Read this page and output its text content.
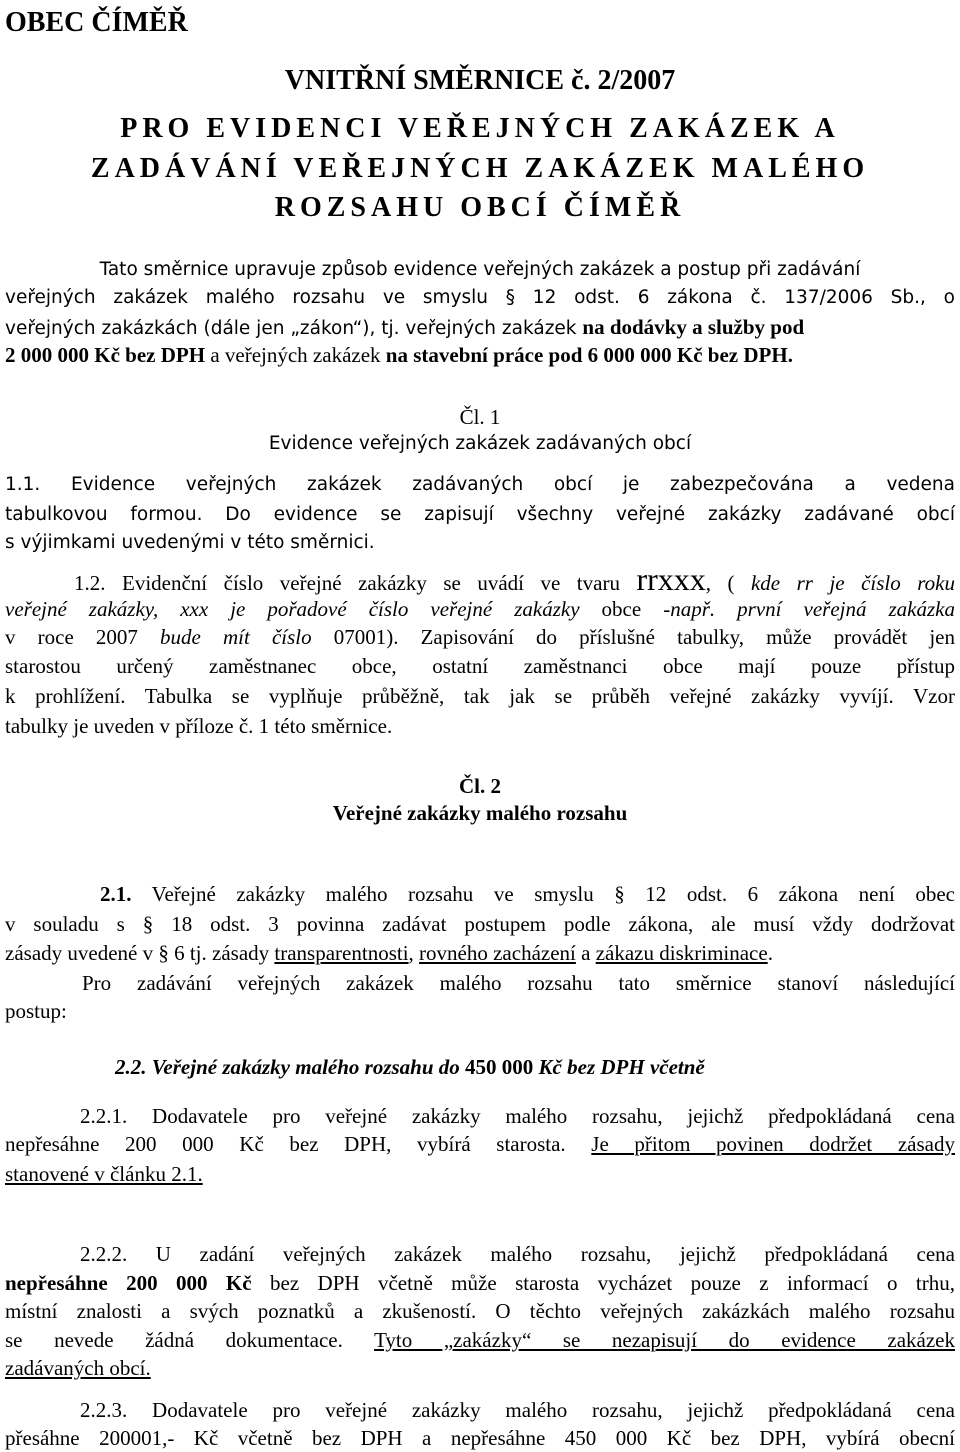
OBEC ČÍMĚŘ
VNITŘNÍ SMĚRNICE č. 2/2007
PRO EVIDENCI VEŘEJNÝCH ZAKÁZEK A
ZADÁVÁNÍ VEŘEJNÝCH ZAKÁZEK MALÉHO
ROZSAHU OBCÍ ČÍMĚŘ
Tato směrnice upravuje způsob evidence veřejných zakázek a postup při zadávání
veřejných zakázek malého rozsahu ve smyslu § 12 odst. 6 zákona č. 137/2006 Sb., o
veřejných zakázkách (dále jen „zákon“), tj. veřejných zakázek na dodávky a služby pod
2 000 000 Kč bez DPH a veřejných zakázek na stavební práce pod 6 000 000 Kč bez DPH.
Čl. 1
Evidence veřejných zakázek zadávaných obcí
1.1. Evidence veřejných zakázek zadávaných obcí je zabezpečována a vedena
tabulkovou formou. Do evidence se zapisují všechny veřejné zakázky zadávané obcí
s výjimkami uvedenými v této směrnici.
1.2. Evidenční číslo veřejné zakázky se uvádí ve tvaru rrxxx, ( kde rr je číslo roku
veřejné zakázky, xxx je pořadové číslo veřejné zakázky obce -např. první veřejná zakázka
v roce 2007 bude mít číslo 07001). Zapisování do příslušné tabulky, může provádět jen
starostou určený zaměstnanec obce, ostatní zaměstnanci obce mají pouze přístup
k prohlížení. Tabulka se vyplňuje průběžně, tak jak se průběh veřejné zakázky vyvíjí. Vzor
tabulky je uveden v příloze č. 1 této směrnice.
Čl. 2
Veřejné zakázky malého rozsahu
2.1. Veřejné zakázky malého rozsahu ve smyslu § 12 odst. 6 zákona není obec
v souladu s § 18 odst. 3 povinna zadávat postupem podle zákona, ale musí vždy dodržovat
zásady uvedené v § 6 tj. zásady transparentnosti, rovného zacházení a zákazu diskriminace.
Pro zadávání veřejných zakázek malého rozsahu tato směrnice stanoví následující
postup:
2.2. Veřejné zakázky malého rozsahu do 450 000 Kč bez DPH včetně
2.2.1. Dodavatele pro veřejné zakázky malého rozsahu, jejichž předpokládaná cena
nepřesáhne 200 000 Kč bez DPH, vybírá starosta. Je přitom povinen dodržet zásady
stanovené v článku 2.1.
2.2.2. U zadání veřejných zakázek malého rozsahu, jejichž předpokládaná cena
nepřesáhne 200 000 Kč bez DPH včetně může starosta vycházet pouze z informací o trhu,
místní znalosti a svých poznatků a zkušeností. O těchto veřejných zakázkách malého rozsahu
se nevede žádná dokumentace. Tyto „zakázky“ se nezapisují do evidence zakázek
zadávaných obcí.
2.2.3. Dodavatele pro veřejné zakázky malého rozsahu, jejichž předpokládaná cena
přesáhne 200001,- Kč včetně bez DPH a nepřesáhne 450 000 Kč bez DPH, vybírá obecní
